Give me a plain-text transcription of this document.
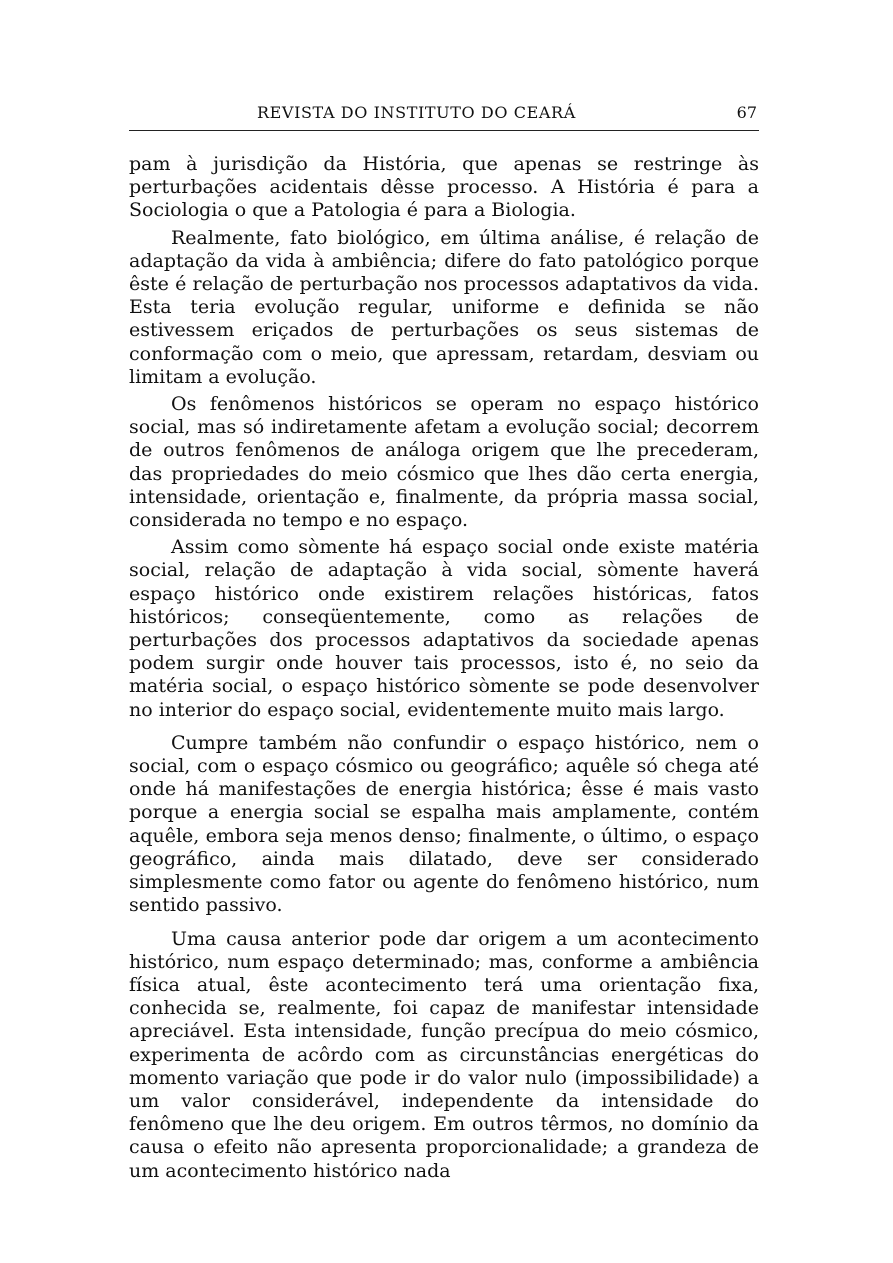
REVISTA DO INSTITUTO DO CEARÁ	67

pam à jurisdição da História, que apenas se restringe às perturbações acidentais dêsse processo. A História é para a Sociologia o que a Patologia é para a Biologia.

Realmente, fato biológico, em última análise, é relação de adaptação da vida à ambiência; difere do fato patológico porque êste é relação de perturbação nos processos adaptativos da vida. Esta teria evolução regular, uniforme e definida se não estivessem eriçados de perturbações os seus sistemas de conformação com o meio, que apressam, retardam, desviam ou limitam a evolução.

Os fenômenos históricos se operam no espaço histórico social, mas só indiretamente afetam a evolução social; decorrem de outros fenômenos de análoga origem que lhe precederam, das propriedades do meio cósmico que lhes dão certa energia, intensidade, orientação e, finalmente, da própria massa social, considerada no tempo e no espaço.

Assim como sòmente há espaço social onde existe matéria social, relação de adaptação à vida social, sòmente haverá espaço histórico onde existirem relações históricas, fatos históricos; conseqüentemente, como as relações de perturbações dos processos adaptativos da sociedade apenas podem surgir onde houver tais processos, isto é, no seio da matéria social, o espaço histórico sòmente se pode desenvolver no interior do espaço social, evidentemente muito mais largo.

Cumpre também não confundir o espaço histórico, nem o social, com o espaço cósmico ou geográfico; aquêle só chega até onde há manifestações de energia histórica; êsse é mais vasto porque a energia social se espalha mais amplamente, contém aquêle, embora seja menos denso; finalmente, o último, o espaço geográfico, ainda mais dilatado, deve ser considerado simplesmente como fator ou agente do fenômeno histórico, num sentido passivo.

Uma causa anterior pode dar origem a um acontecimento histórico, num espaço determinado; mas, conforme a ambiência física atual, êste acontecimento terá uma orientação fixa, conhecida se, realmente, foi capaz de manifestar intensidade apreciável. Esta intensidade, função precípua do meio cósmico, experimenta de acôrdo com as circunstâncias energéticas do momento variação que pode ir do valor nulo (impossibilidade) a um valor considerável, independente da intensidade do fenômeno que lhe deu origem. Em outros têrmos, no domínio da causa o efeito não apresenta proporcionalidade; a grandeza de um acontecimento histórico nada
